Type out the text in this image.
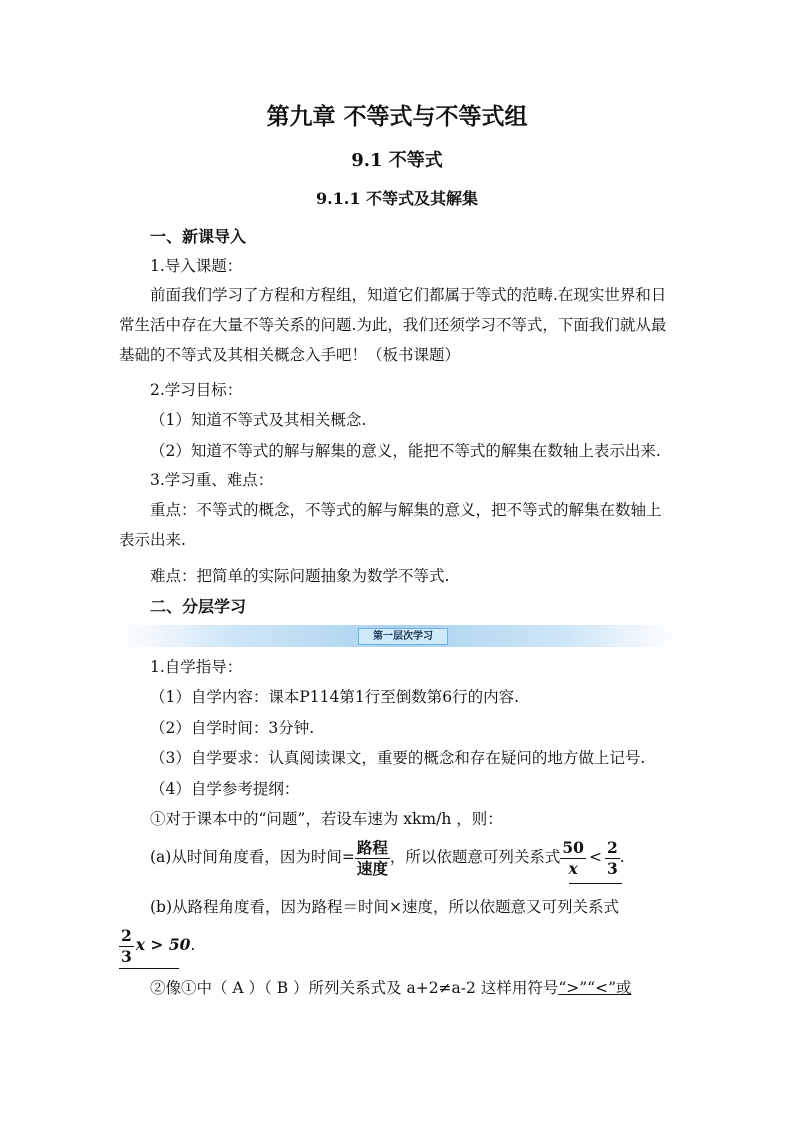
第九章 不等式与不等式组
9.1 不等式
9.1.1 不等式及其解集
一、新课导入
1.导入课题：
前面我们学习了方程和方程组，知道它们都属于等式的范畴.在现实世界和日常生活中存在大量不等关系的问题.为此，我们还须学习不等式，下面我们就从最基础的不等式及其相关概念入手吧！（板书课题）
2.学习目标：
（1）知道不等式及其相关概念.
（2）知道不等式的解与解集的意义，能把不等式的解集在数轴上表示出来.
3.学习重、难点：
重点：不等式的概念，不等式的解与解集的意义，把不等式的解集在数轴上表示出来.
难点：把简单的实际问题抽象为数学不等式.
二、分层学习
第一层次学习
1.自学指导：
（1）自学内容：课本P114第1行至倒数第6行的内容.
（2）自学时间：3分钟.
（3）自学要求：认真阅读课文，重要的概念和存在疑问的地方做上记号.
（4）自学参考提纲：
①对于课本中的“问题”，若设车速为 xkm/h ，则：
(a)从时间角度看，因为时间= $\frac{\text{路程}}{\text{速度}}$ ，所以依题意可列关系式 $\frac{50}{x} < \frac{2}{3}$ .
(b)从路程角度看，因为路程＝时间×速度，所以依题意又可列关系式
$\frac{2}{3}$ x > 50.
②像①中（ A ）（ B ）所列关系式及 a+2≠a-2 这样用符号“>”“<”或
